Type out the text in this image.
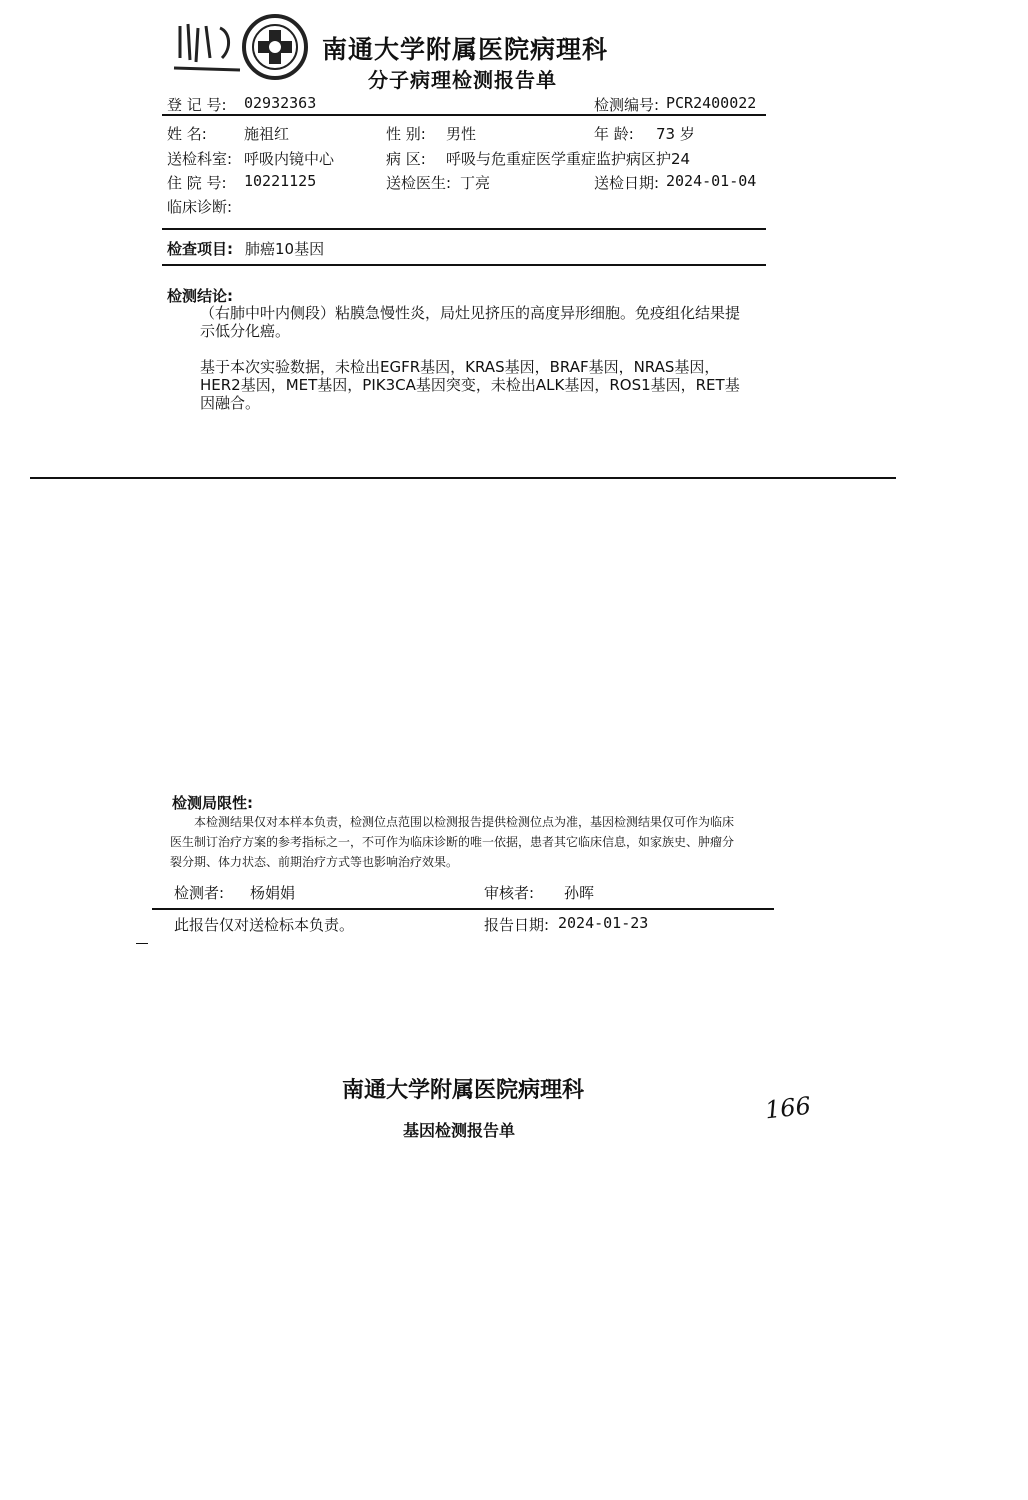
南通大学附属医院病理科
分子病理检测报告单
登 记 号: 02932363	检测编号: PCR2400022
姓 名: 施祖红	性 别: 男性	年 龄: 73 岁
送检科室: 呼吸内镜中心	病 区: 呼吸与危重症医学重症监护病区护24
住 院 号: 10221125	送检医生: 丁亮	送检日期: 2024-01-04
临床诊断:
检查项目: 肺癌10基因
检测结论:
（右肺中叶内侧段）粘膜急慢性炎，局灶见挤压的高度异形细胞。免疫组化结果提示低分化癌。
基于本次实验数据，未检出EGFR基因，KRAS基因，BRAF基因，NRAS基因，HER2基因，MET基因，PIK3CA基因突变，未检出ALK基因，ROS1基因，RET基因融合。
检测局限性:
本检测结果仅对本样本负责，检测位点范围以检测报告提供检测位点为准，基因检测结果仅可作为临床医生制订治疗方案的参考指标之一，不可作为临床诊断的唯一依据，患者其它临床信息，如家族史、肿瘤分裂分期、体力状态、前期治疗方式等也影响治疗效果。
检测者: 杨娟娟	审核者: 孙晖
此报告仅对送检标本负责。	报告日期: 2024-01-23
南通大学附属医院病理科
基因检测报告单
166
